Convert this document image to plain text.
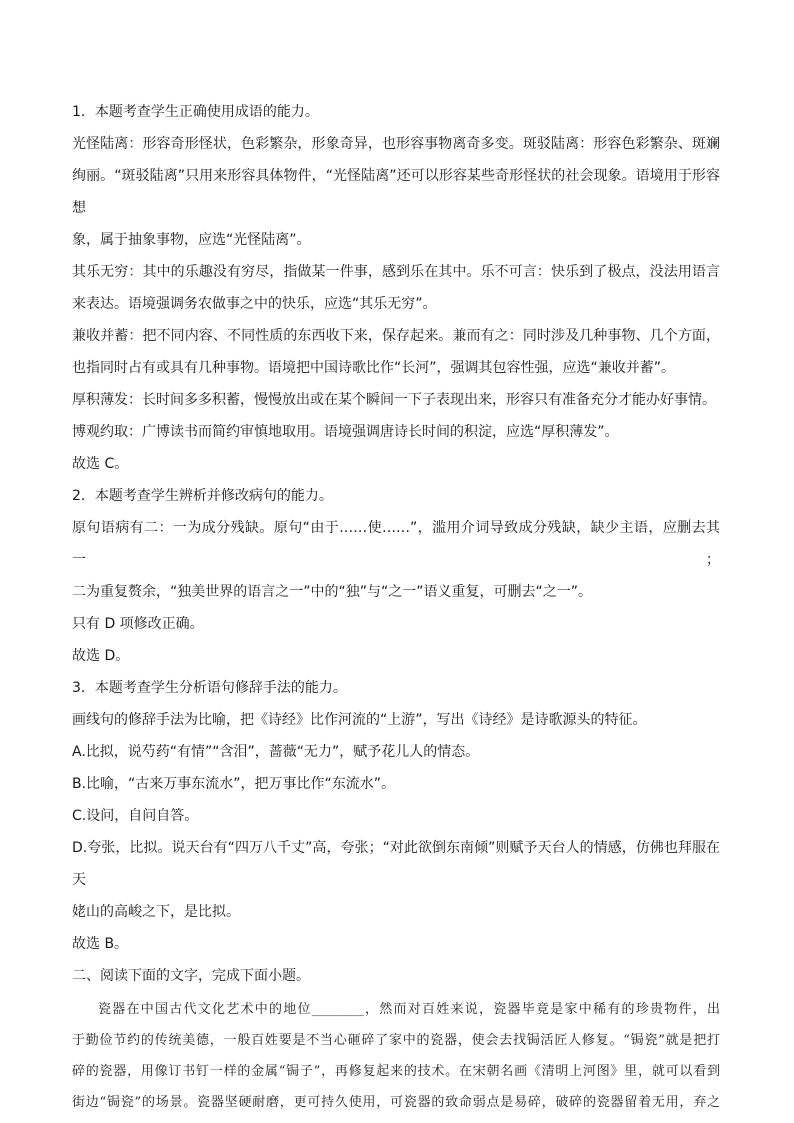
1．本题考查学生正确使用成语的能力。
光怪陆离：形容奇形怪状，色彩繁杂，形象奇异，也形容事物离奇多变。斑驳陆离：形容色彩繁杂、斑斓
绚丽。“斑驳陆离”只用来形容具体物件，“光怪陆离”还可以形容某些奇形怪状的社会现象。语境用于形容想
象，属于抽象事物，应选“光怪陆离”。
其乐无穷：其中的乐趣没有穷尽，指做某一件事，感到乐在其中。乐不可言：快乐到了极点，没法用语言
来表达。语境强调务农做事之中的快乐，应选“其乐无穷”。
兼收并蓄：把不同内容、不同性质的东西收下来，保存起来。兼而有之：同时涉及几种事物、几个方面，
也指同时占有或具有几种事物。语境把中国诗歌比作“长河”，强调其包容性强，应选“兼收并蓄”。
厚积薄发：长时间多多积蓄，慢慢放出或在某个瞬间一下子表现出来，形容只有准备充分才能办好事情。
博观约取：广博读书而简约审慎地取用。语境强调唐诗长时间的积淀，应选“厚积薄发”。
故选 C。
2．本题考查学生辨析并修改病句的能力。
原句语病有二：一为成分残缺。原句“由于……使……”，滥用介词导致成分残缺，缺少主语，应删去其一；
二为重复赘余，“独美世界的语言之一”中的“独”与“之一”语义重复，可删去“之一”。
只有 D 项修改正确。
故选 D。
3．本题考查学生分析语句修辞手法的能力。
画线句的修辞手法为比喻，把《诗经》比作河流的“上游”，写出《诗经》是诗歌源头的特征。
A.比拟，说芍药“有情”“含泪”，蔷薇“无力”，赋予花儿人的情态。
B.比喻，“古来万事东流水”，把万事比作“东流水”。
C.设问，自问自答。
D.夸张，比拟。说天台有“四万八千丈”高，夸张；“对此欲倒东南倾”则赋予天台人的情感，仿佛也拜服在天
姥山的高峻之下，是比拟。
故选 B。
二、阅读下面的文字，完成下面小题。
瓷器在中国古代文化艺术中的地位________，然而对百姓来说，瓷器毕竟是家中稀有的珍贵物件，出
于勤俭节约的传统美德，一般百姓要是不当心砸碎了家中的瓷器，使会去找锔活匠人修复。“锔瓷”就是把打
碎的瓷器，用像订书钉一样的金属“锔子”，再修复起来的技术。在宋朝名画《清明上河图》里，就可以看到
街边“锔瓷”的场景。瓷器坚硬耐磨，更可持久使用，可瓷器的致命弱点是易碎，破碎的瓷器留着无用，弃之
